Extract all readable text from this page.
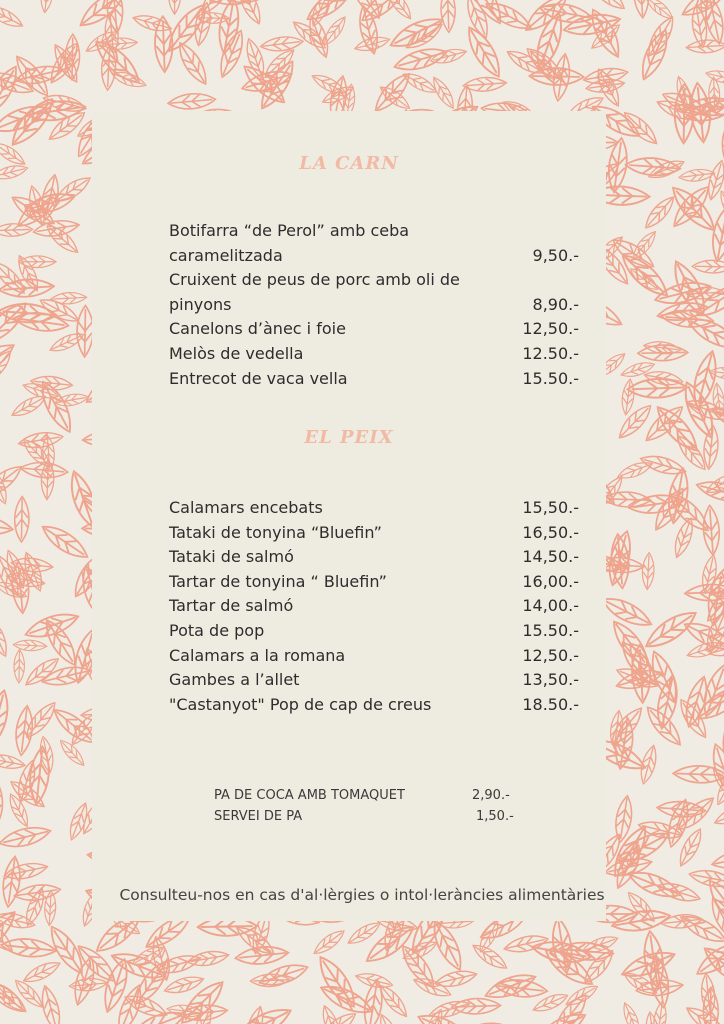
LA CARN
Botifarra “de Perol” amb ceba caramelitzada	9,50.-
Cruixent de peus de porc amb oli de pinyons	8,90.-
Canelons d’ànec i foie	12,50.-
Melòs de vedella	12.50.-
Entrecot de vaca vella	15.50.-
EL PEIX
Calamars encebats	15,50.-
Tataki de tonyina “Bluefin”	16,50.-
Tataki de salmó	14,50.-
Tartar de tonyina “ Bluefin”	16,00.-
Tartar de salmó	14,00.-
Pota de pop	15.50.-
Calamars a la romana	12,50.-
Gambes a l’allet	13,50.-
"Castanyot" Pop de cap de creus	18.50.-
PA DE COCA AMB TOMAQUET	2,90.-
SERVEI DE PA	1,50.-
Consulteu-nos en cas d'al·lèrgies o intol·leràncies alimentàries
